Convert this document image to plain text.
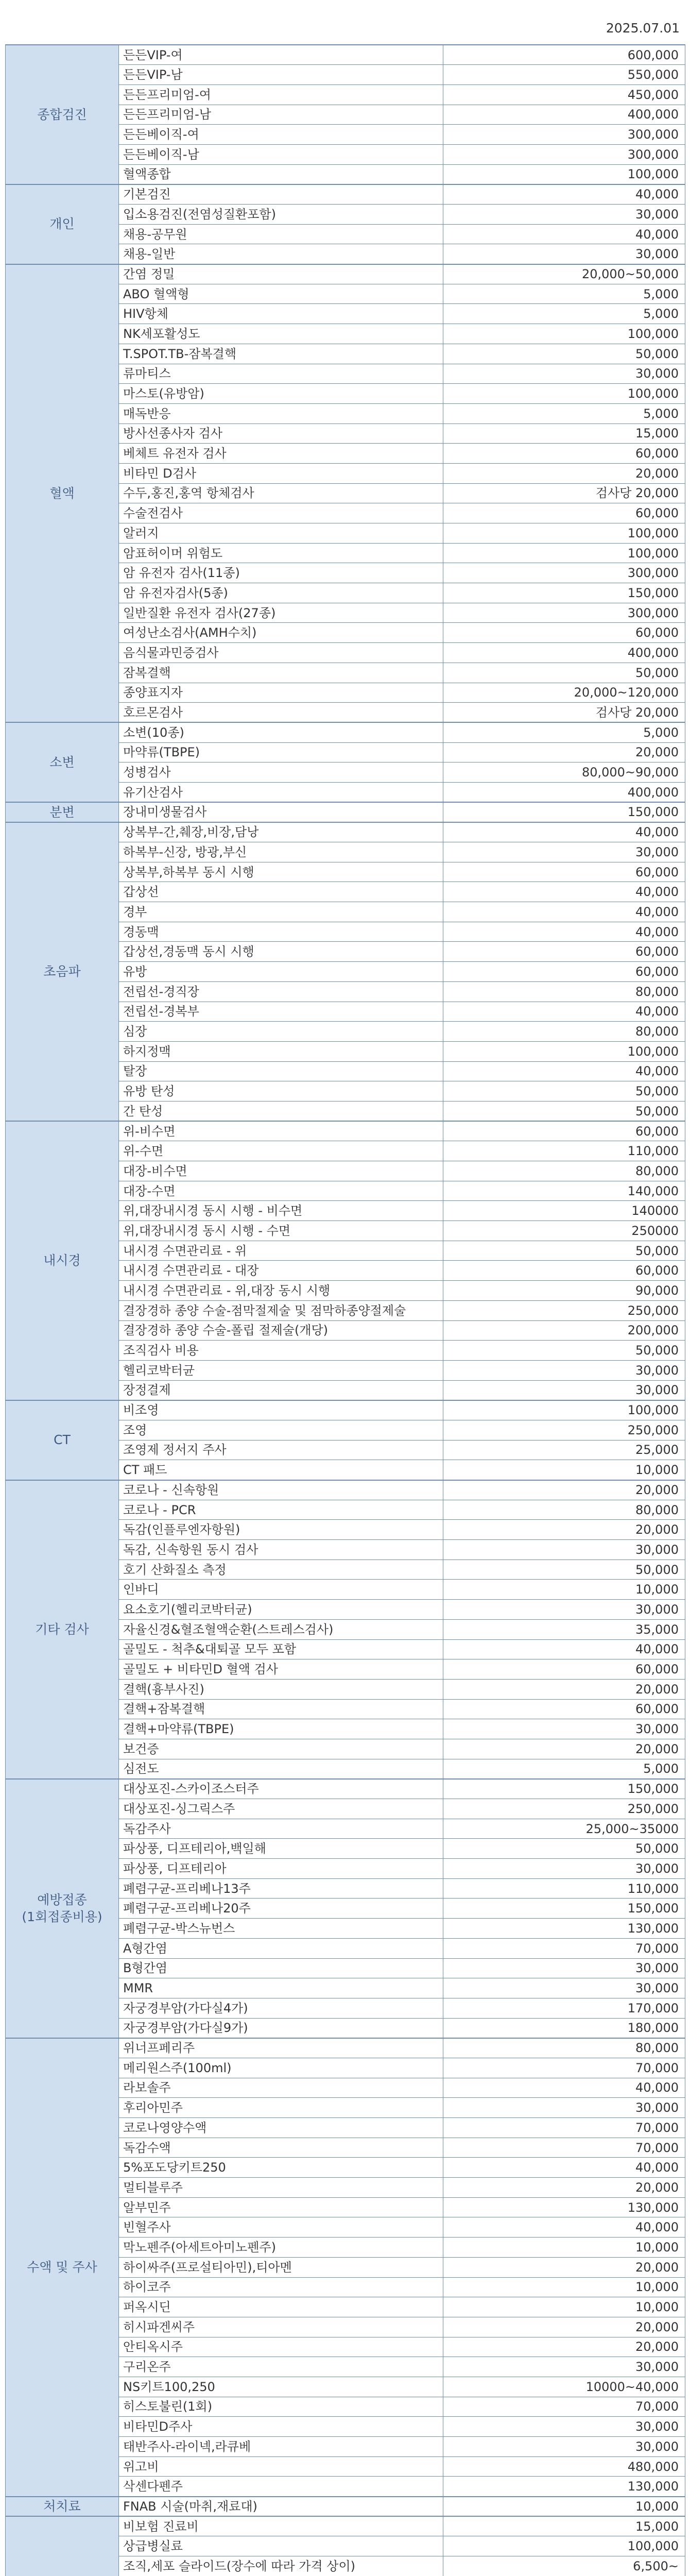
2025.07.01
종합검진	든든VIP-여	600,000
	든든VIP-남	550,000
	든든프리미엄-여	450,000
	든든프리미엄-남	400,000
	든든베이직-여	300,000
	든든베이직-남	300,000
	혈액종합	100,000
개인	기본검진	40,000
	입소용검진(전염성질환포함)	30,000
	채용-공무원	40,000
	채용-일반	30,000
혈액	간염 정밀	20,000~50,000
	ABO 혈액형	5,000
	HIV항체	5,000
	NK세포활성도	100,000
	T.SPOT.TB-잠복결핵	50,000
	류마티스	30,000
	마스토(유방암)	100,000
	매독반응	5,000
	방사선종사자 검사	15,000
	베체트 유전자 검사	60,000
	비타민 D검사	20,000
	수두,홍진,홍역 항체검사	검사당 20,000
	수술전검사	60,000
	알러지	100,000
	암표허이머 위험도	100,000
	암 유전자 검사(11종)	300,000
	암 유전자검사(5종)	150,000
	일반질환 유전자 검사(27종)	300,000
	여성난소검사(AMH수치)	60,000
	음식물과민증검사	400,000
	잠복결핵	50,000
	종양표지자	20,000~120,000
	호르몬검사	검사당 20,000
소변	소변(10종)	5,000
	마약류(TBPE)	20,000
	성병검사	80,000~90,000
	유기산검사	400,000
분변	장내미생물검사	150,000
초음파	상복부-간,췌장,비장,담낭	40,000
	하복부-신장, 방광,부신	30,000
	상복부,하복부 동시 시행	60,000
	갑상선	40,000
	경부	40,000
	경동맥	40,000
	갑상선,경동맥 동시 시행	60,000
	유방	60,000
	전립선-경직장	80,000
	전립선-경복부	40,000
	심장	80,000
	하지정맥	100,000
	탈장	40,000
	유방 탄성	50,000
	간 탄성	50,000
내시경	위-비수면	60,000
	위-수면	110,000
	대장-비수면	80,000
	대장-수면	140,000
	위,대장내시경 동시 시행 - 비수면	140000
	위,대장내시경 동시 시행 - 수면	250000
	내시경 수면관리료 - 위	50,000
	내시경 수면관리료 - 대장	60,000
	내시경 수면관리료 - 위,대장 동시 시행	90,000
	결장경하 종양 수술-점막절제술 및 점막하종양절제술	250,000
	결장경하 종양 수술-폴립 절제술(개당)	200,000
	조직검사 비용	50,000
	헬리코박터균	30,000
	장정결제	30,000
CT	비조영	100,000
	조영	250,000
	조영제 정서지 주사	25,000
	CT 패드	10,000
기타 검사	코로나 - 신속항원	20,000
	코로나 - PCR	80,000
	독감(인플루엔자항원)	20,000
	독감, 신속항원 동시 검사	30,000
	호기 산화질소 측정	50,000
	인바디	10,000
	요소호기(헬리코박터균)	30,000
	자율신경&혈조혈액순환(스트레스검사)	35,000
	골밀도 - 척추&대퇴골 모두 포함	40,000
	골밀도 + 비타민D 혈액 검사	60,000
	결핵(흉부사진)	20,000
	결핵+잠복결핵	60,000
	결핵+마약류(TBPE)	30,000
	보건증	20,000
	심전도	5,000
예방접종
(1회접종비용)	대상포진-스카이조스터주	150,000
	대상포진-싱그릭스주	250,000
	독감주사	25,000~35000
	파상풍, 디프테리아,백일해	50,000
	파상풍, 디프테리아	30,000
	폐렴구균-프리베나13주	110,000
	폐렴구균-프리베나20주	150,000
	폐렴구균-박스뉴번스	130,000
	A형간염	70,000
	B형간염	30,000
	MMR	30,000
	자궁경부암(가다실4가)	170,000
	자궁경부암(가다실9가)	180,000
수액 및 주사	위너프페리주	80,000
	메리원스주(100ml)	70,000
	라보솔주	40,000
	후리아민주	30,000
	코로나영양수액	70,000
	독감수액	70,000
	5%포도당키트250	40,000
	멀티블루주	20,000
	알부민주	130,000
	빈혈주사	40,000
	막노펜주(아세트아미노펜주)	10,000
	하이싸주(프로설티아민),티아멘	20,000
	하이코주	10,000
	퍼옥시딘	10,000
	히시파겐씨주	20,000
	안티옥시주	20,000
	구리온주	30,000
	NS키트100,250	10000~40,000
	히스토불린(1회)	70,000
	비타민D주사	30,000
	태반주사-라이넥,라큐베	30,000
	위고비	480,000
	삭센다펜주	130,000
처치료	FNAB 시술(마취,재료대)	10,000
	비보험 진료비	15,000
	상급병실료	100,000
	조직,세포 슬라이드(장수에 따라 가격 상이)	6,500~
